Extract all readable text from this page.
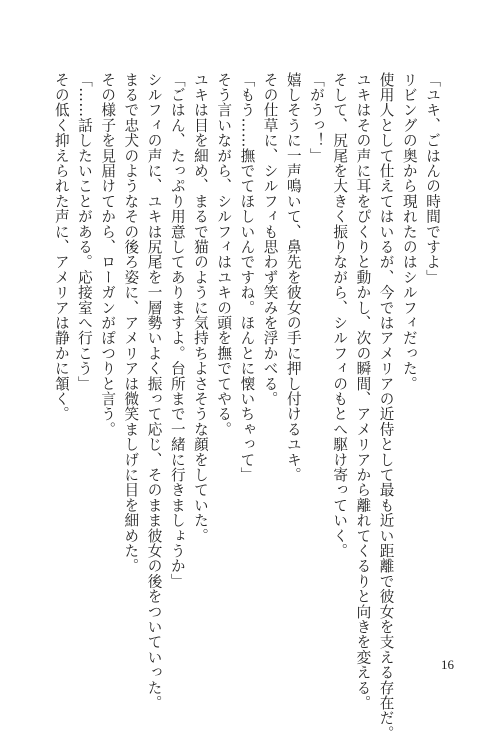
「ユキ、ごはんの時間ですよ」
リビングの奥から現れたのはシルフィだった。
使用人として仕えてはいるが、今ではアメリアの近侍として最も近い距離で彼女を支える存在だ。
ユキはその声に耳をぴくりと動かし、次の瞬間、アメリアから離れてくるりと向きを変える。
そして、尻尾を大きく振りながら、シルフィのもとへ駆け寄っていく。
「がうっ！」
嬉しそうに一声鳴いて、鼻先を彼女の手に押し付けるユキ。
その仕草に、シルフィも思わず笑みを浮かべる。
「もう……撫でてほしいんですね。ほんとに懐いちゃって」
そう言いながら、シルフィはユキの頭を撫でてやる。
ユキは目を細め、まるで猫のように気持ちよさそうな顔をしていた。
「ごはん、たっぷり用意してありますよ。台所まで一緒に行きましょうか」
シルフィの声に、ユキは尻尾を一層勢いよく振って応じ、そのまま彼女の後をついていった。
まるで忠犬のようなその後ろ姿に、アメリアは微笑ましげに目を細めた。
その様子を見届けてから、ローガンがぽつりと言う。
「……話したいことがある。応接室へ行こう」
その低く抑えられた声に、アメリアは静かに頷く。
16
